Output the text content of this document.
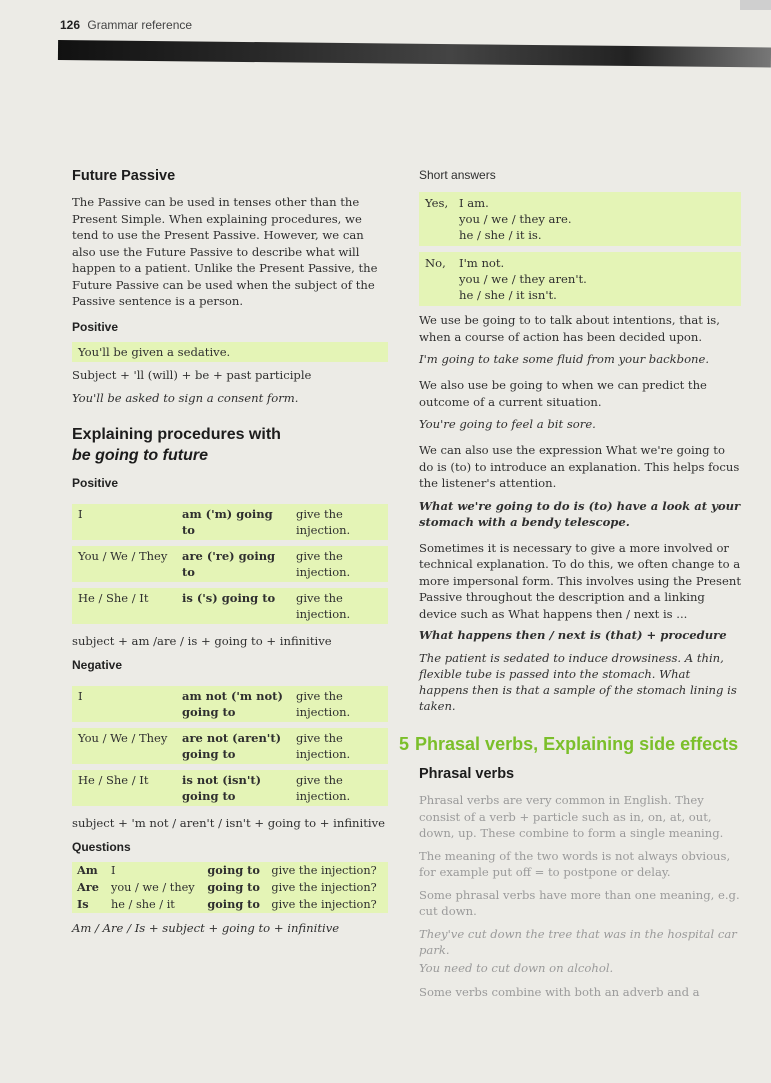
126 Grammar reference
Future Passive

The Passive can be used in tenses other than the Present Simple. When explaining procedures, we tend to use the Present Passive. However, we can also use the Future Passive to describe what will happen to a patient. Unlike the Present Passive, the Future Passive can be used when the subject of the Passive sentence is a person.

Positive
You'll be given a sedative.
Subject + 'll (will) + be + past participle
You'll be asked to sign a consent form.
Explaining procedures with
be going to future
Positive
I	am ('m) going to	give the injection.
You / We / They	are ('re) going to	give the injection.
He / She / It	is ('s) going to	give the injection.
subject + am /are / is + going to + infinitive
Negative
I	am not ('m not) going to	give the injection.
You / We / They	are not (aren't) going to	give the injection.
He / She / It	is not (isn't) going to	give the injection.
subject + 'm not / aren't / isn't + going to + infinitive
Questions
Am	I	going to	give the injection?
Are	you / we / they	going to	give the injection?
Is	he / she / it	going to	give the injection?
Am / Are / Is + subject + going to + infinitive
Short answers
Yes, I am.
you / we / they are.
he / she / it is.
No,	I'm not.
you / we / they aren't.
he / she / it isn't.

We use be going to to talk about intentions, that is, when a course of action has been decided upon.

I'm going to take some fluid from your backbone.

We also use be going to when we can predict the outcome of a current situation.

You're going to feel a bit sore.

We can also use the expression What we're going to do is (to) to introduce an explanation. This helps focus the listener's attention.

What we're going to do is (to) have a look at your stomach with a bendy telescope.

Sometimes it is necessary to give a more involved or technical explanation. To do this, we often change to a more impersonal form. This involves using the Present Passive throughout the description and a linking device such as What happens then / next is ...

What happens then / next is (that) + procedure
The patient is sedated to induce drowsiness. A thin, flexible tube is passed into the stomach. What happens then is that a sample of the stomach lining is taken.
5 Phrasal verbs, Explaining side effects
Phrasal verbs

Phrasal verbs are very common in English. They consist of a verb + particle such as in, on, at, out, down, up. These combine to form a single meaning.

The meaning of the two words is not always obvious, for example put off = to postpone or delay.

Some phrasal verbs have more than one meaning, e.g. cut down.

They've cut down the tree that was in the hospital car park.
You need to cut down on alcohol.

Some verbs combine with both an adverb and a
